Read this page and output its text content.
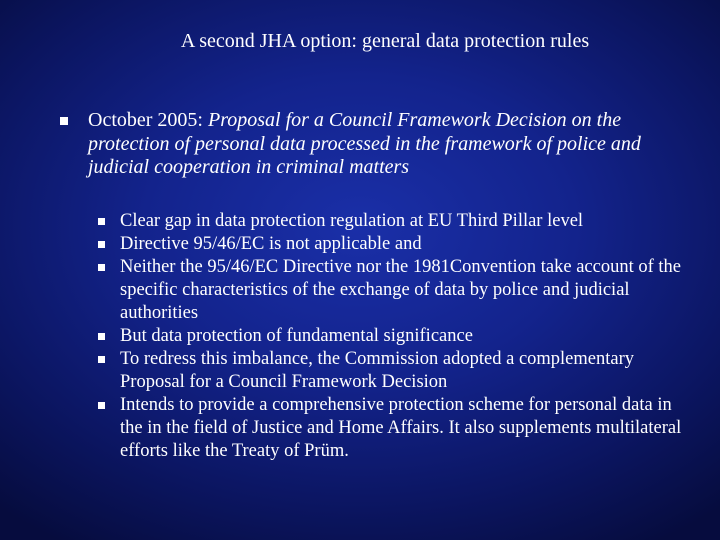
A second JHA option: general data protection rules
October 2005: Proposal for a Council Framework Decision on the protection of personal data processed in the framework of police and judicial cooperation in criminal matters
Clear gap in data protection regulation at EU Third Pillar level
Directive 95/46/EC is not applicable and
Neither the 95/46/EC Directive nor the 1981Convention take account of the specific characteristics of the exchange of data by police and judicial authorities
But data protection of fundamental significance
To redress this imbalance, the Commission adopted a complementary Proposal for a Council Framework Decision
Intends to provide a comprehensive protection scheme for personal data in the in the field of Justice and Home Affairs. It also supplements multilateral efforts like the Treaty of Prüm.
